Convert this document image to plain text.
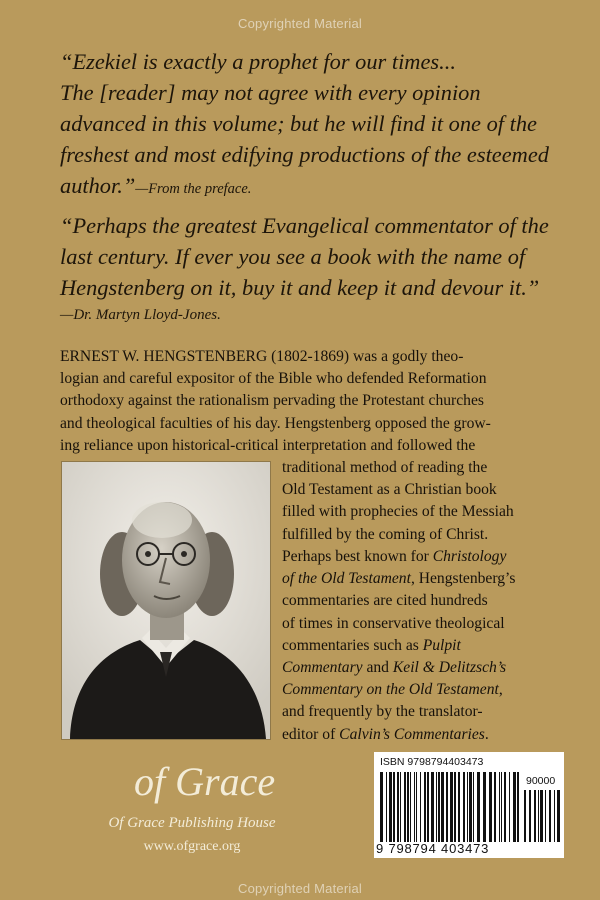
Copyrighted Material
“Ezekiel is exactly a prophet for our times...
The [reader] may not agree with every opinion
advanced in this volume; but he will find it one of the
freshest and most edifying productions of the esteemed
author.”—From the preface.
“Perhaps the greatest Evangelical commentator of the
last century. If ever you see a book with the name of
Hengstenberg on it, buy it and keep it and devour it.”
—Dr. Martyn Lloyd-Jones.
ERNEST W. HENGSTENBERG (1802-1869) was a godly theo-
logian and careful expositor of the Bible who defended Reformation
orthodoxy against the rationalism pervading the Protestant churches
and theological faculties of his day. Hengstenberg opposed the grow-
ing reliance upon historical-critical interpretation and followed the
traditional method of reading the
Old Testament as a Christian book
filled with prophecies of the Messiah
fulfilled by the coming of Christ.
Perhaps best known for Christology
of the Old Testament, Hengstenberg’s
commentaries are cited hundreds
of times in conservative theological
commentaries such as Pulpit
Commentary and Keil & Delitzsch’s
Commentary on the Old Testament,
and frequently by the translator-
editor of Calvin’s Commentaries.
of Grace
Of Grace Publishing House
www.ofgrace.org
ISBN 9798794403473
90000
9 798794 403473
Copyrighted Material
